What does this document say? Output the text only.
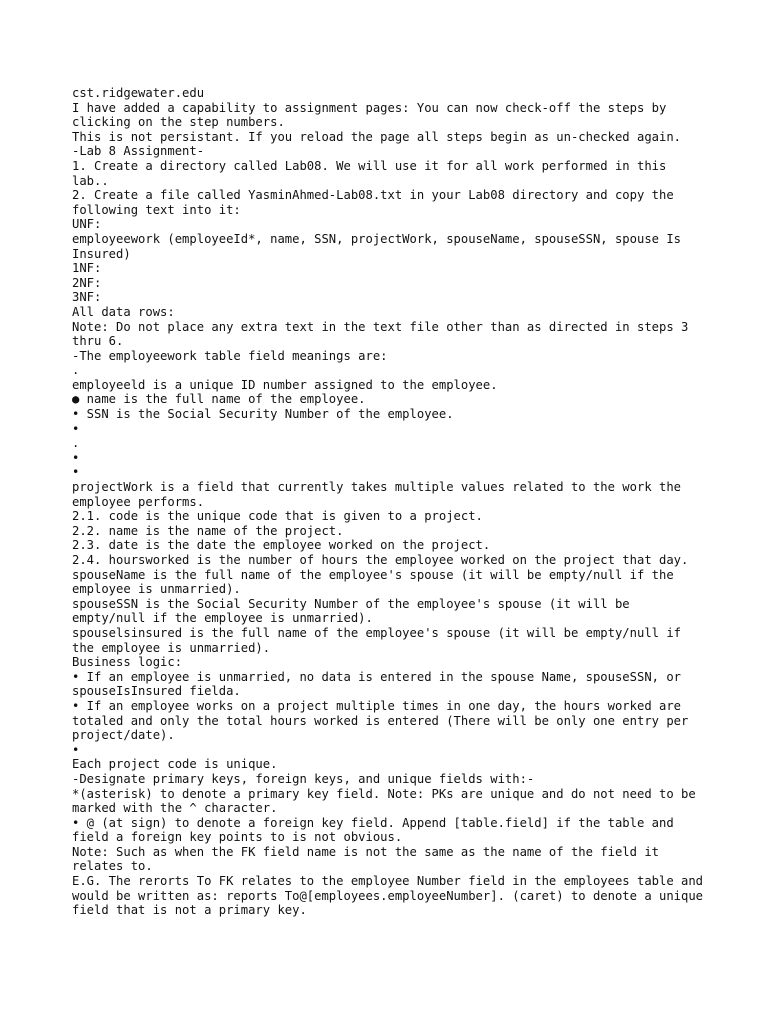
cst.ridgewater.edu
I have added a capability to assignment pages: You can now check-off the steps by clicking on the step numbers.
This is not persistant. If you reload the page all steps begin as un-checked again.
-Lab 8 Assignment-
1. Create a directory called Lab08. We will use it for all work performed in this lab..
2. Create a file called YasminAhmed-Lab08.txt in your Lab08 directory and copy the following text into it:
UNF:
employeework (employeeId*, name, SSN, projectWork, spouseName, spouseSSN, spouse Is Insured)
1NF:
2NF:
3NF:
All data rows:
Note: Do not place any extra text in the text file other than as directed in steps 3 thru 6.
-The employeework table field meanings are:
.
employeeld is a unique ID number assigned to the employee.
● name is the full name of the employee.
• SSN is the Social Security Number of the employee.
•
.
•
•
projectWork is a field that currently takes multiple values related to the work the employee performs.
2.1. code is the unique code that is given to a project.
2.2. name is the name of the project.
2.3. date is the date the employee worked on the project.
2.4. hoursworked is the number of hours the employee worked on the project that day.
spouseName is the full name of the employee's spouse (it will be empty/null if the employee is unmarried).
spouseSSN is the Social Security Number of the employee's spouse (it will be empty/null if the employee is unmarried).
spouselsinsured is the full name of the employee's spouse (it will be empty/null if the employee is unmarried).
Business logic:
• If an employee is unmarried, no data is entered in the spouse Name, spouseSSN, or spouseIsInsured fielda.
• If an employee works on a project multiple times in one day, the hours worked are totaled and only the total hours worked is entered (There will be only one entry per project/date).
•
Each project code is unique.
-Designate primary keys, foreign keys, and unique fields with:-
*(asterisk) to denote a primary key field. Note: PKs are unique and do not need to be marked with the ^ character.
• @ (at sign) to denote a foreign key field. Append [table.field] if the table and field a foreign key points to is not obvious.
Note: Such as when the FK field name is not the same as the name of the field it relates to.
E.G. The rerorts To FK relates to the employee Number field in the employees table and would be written as: reports To@[employees.employeeNumber]. (caret) to denote a unique field that is not a primary key.
